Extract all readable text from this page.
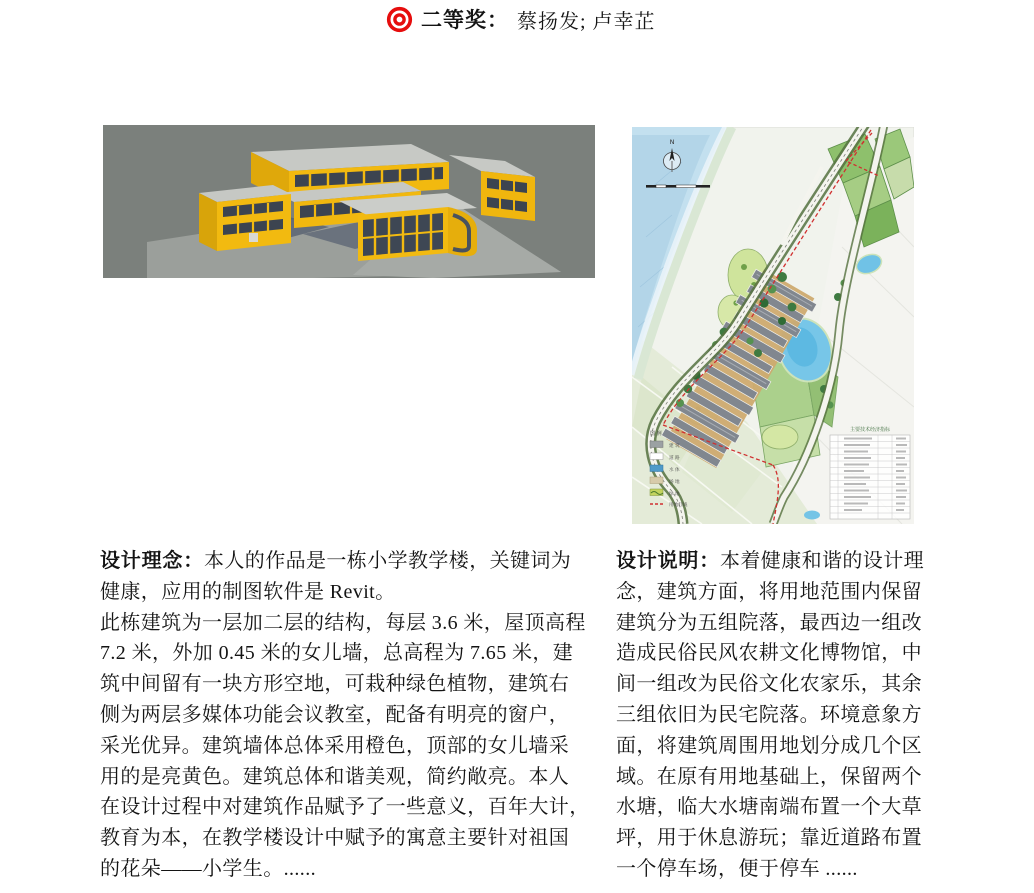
二等奖： 蔡扬发; 卢幸芷
N
图 例
建 筑
道 路
水 体
场 地
绿 地
用地红线
主要技术经济指标
设计理念：本人的作品是一栋小学教学楼，关键词为
健康，应用的制图软件是 Revit。
此栋建筑为一层加二层的结构，每层 3.6 米，屋顶高程
7.2 米，外加 0.45 米的女儿墙，总高程为 7.65 米，建
筑中间留有一块方形空地，可栽种绿色植物，建筑右
侧为两层多媒体功能会议教室，配备有明亮的窗户，
采光优异。建筑墙体总体采用橙色，顶部的女儿墙采
用的是亮黄色。建筑总体和谐美观，简约敞亮。本人
在设计过程中对建筑作品赋予了一些意义，百年大计，
教育为本，在教学楼设计中赋予的寓意主要针对祖国
的花朵——小学生。......
设计说明：本着健康和谐的设计理
念，建筑方面，将用地范围内保留
建筑分为五组院落，最西边一组改
造成民俗民风农耕文化博物馆，中
间一组改为民俗文化农家乐，其余
三组依旧为民宅院落。环境意象方
面，将建筑周围用地划分成几个区
域。在原有用地基础上，保留两个
水塘，临大水塘南端布置一个大草
坪，用于休息游玩；靠近道路布置
一个停车场，便于停车 ......
